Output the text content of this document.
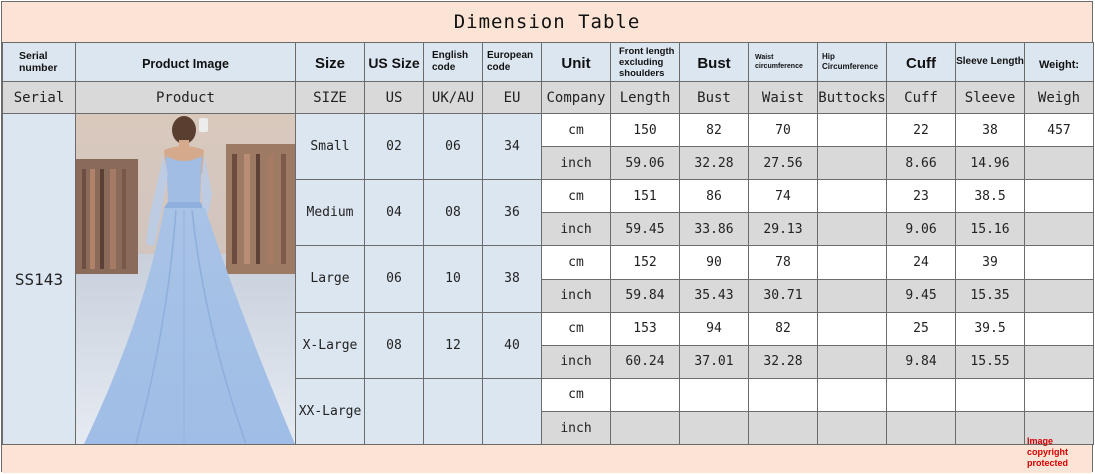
Dimension Table
Serial number	Product Image	Size	US Size	English code	European code	Unit	Front length excluding shoulders	Bust	Waist circumference	Hip Circumference	Cuff	Sleeve Length	Weight:
Serial	Product	SIZE	US	UK/AU	EU	Company	Length	Bust	Waist	Buttocks	Cuff	Sleeve	Weigh
SS143		Small	02	06	34	cm	150	82	70		22	38	457
						inch	59.06	32.28	27.56		8.66	14.96	
		Medium	04	08	36	cm	151	86	74		23	38.5	
						inch	59.45	33.86	29.13		9.06	15.16	
		Large	06	10	38	cm	152	90	78		24	39	
						inch	59.84	35.43	30.71		9.45	15.35	
		X-Large	08	12	40	cm	153	94	82		25	39.5	
						inch	60.24	37.01	32.28		9.84	15.55	
		XX-Large				cm							
						inch							
Image copyright protected
